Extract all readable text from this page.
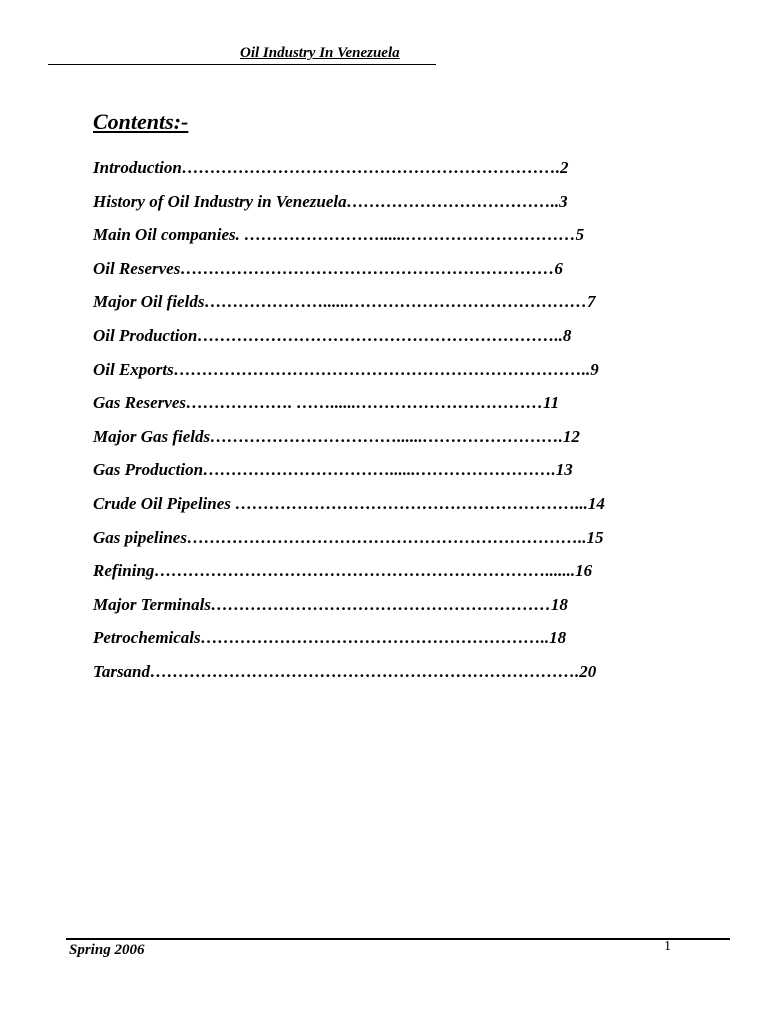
Oil Industry In Venezuela
Contents:-
Introduction………………………………………………………….2
History of Oil Industry in Venezuela………………………………..3
Main Oil companies. ……………………......…………………………5
Oil Reserves…………………………………………………………6
Major Oil fields…………………......……………………………………7
Oil Production………………………………………………………..8
Oil Exports………………………………………………………………..9
Gas Reserves………………. ……......……………………………11
Major Gas fields……………………………......…………………….12
Gas Production……………………………......…………………….13
Crude Oil Pipelines ……………………………………………………...14
Gas pipelines……………………………………………………………..15
Refining…………………………………………………………….......16
Major Terminals……………………………………………………18
Petrochemicals……………………………………………………..18
Tarsand………………………………………………………………….20
Spring 2006	1
